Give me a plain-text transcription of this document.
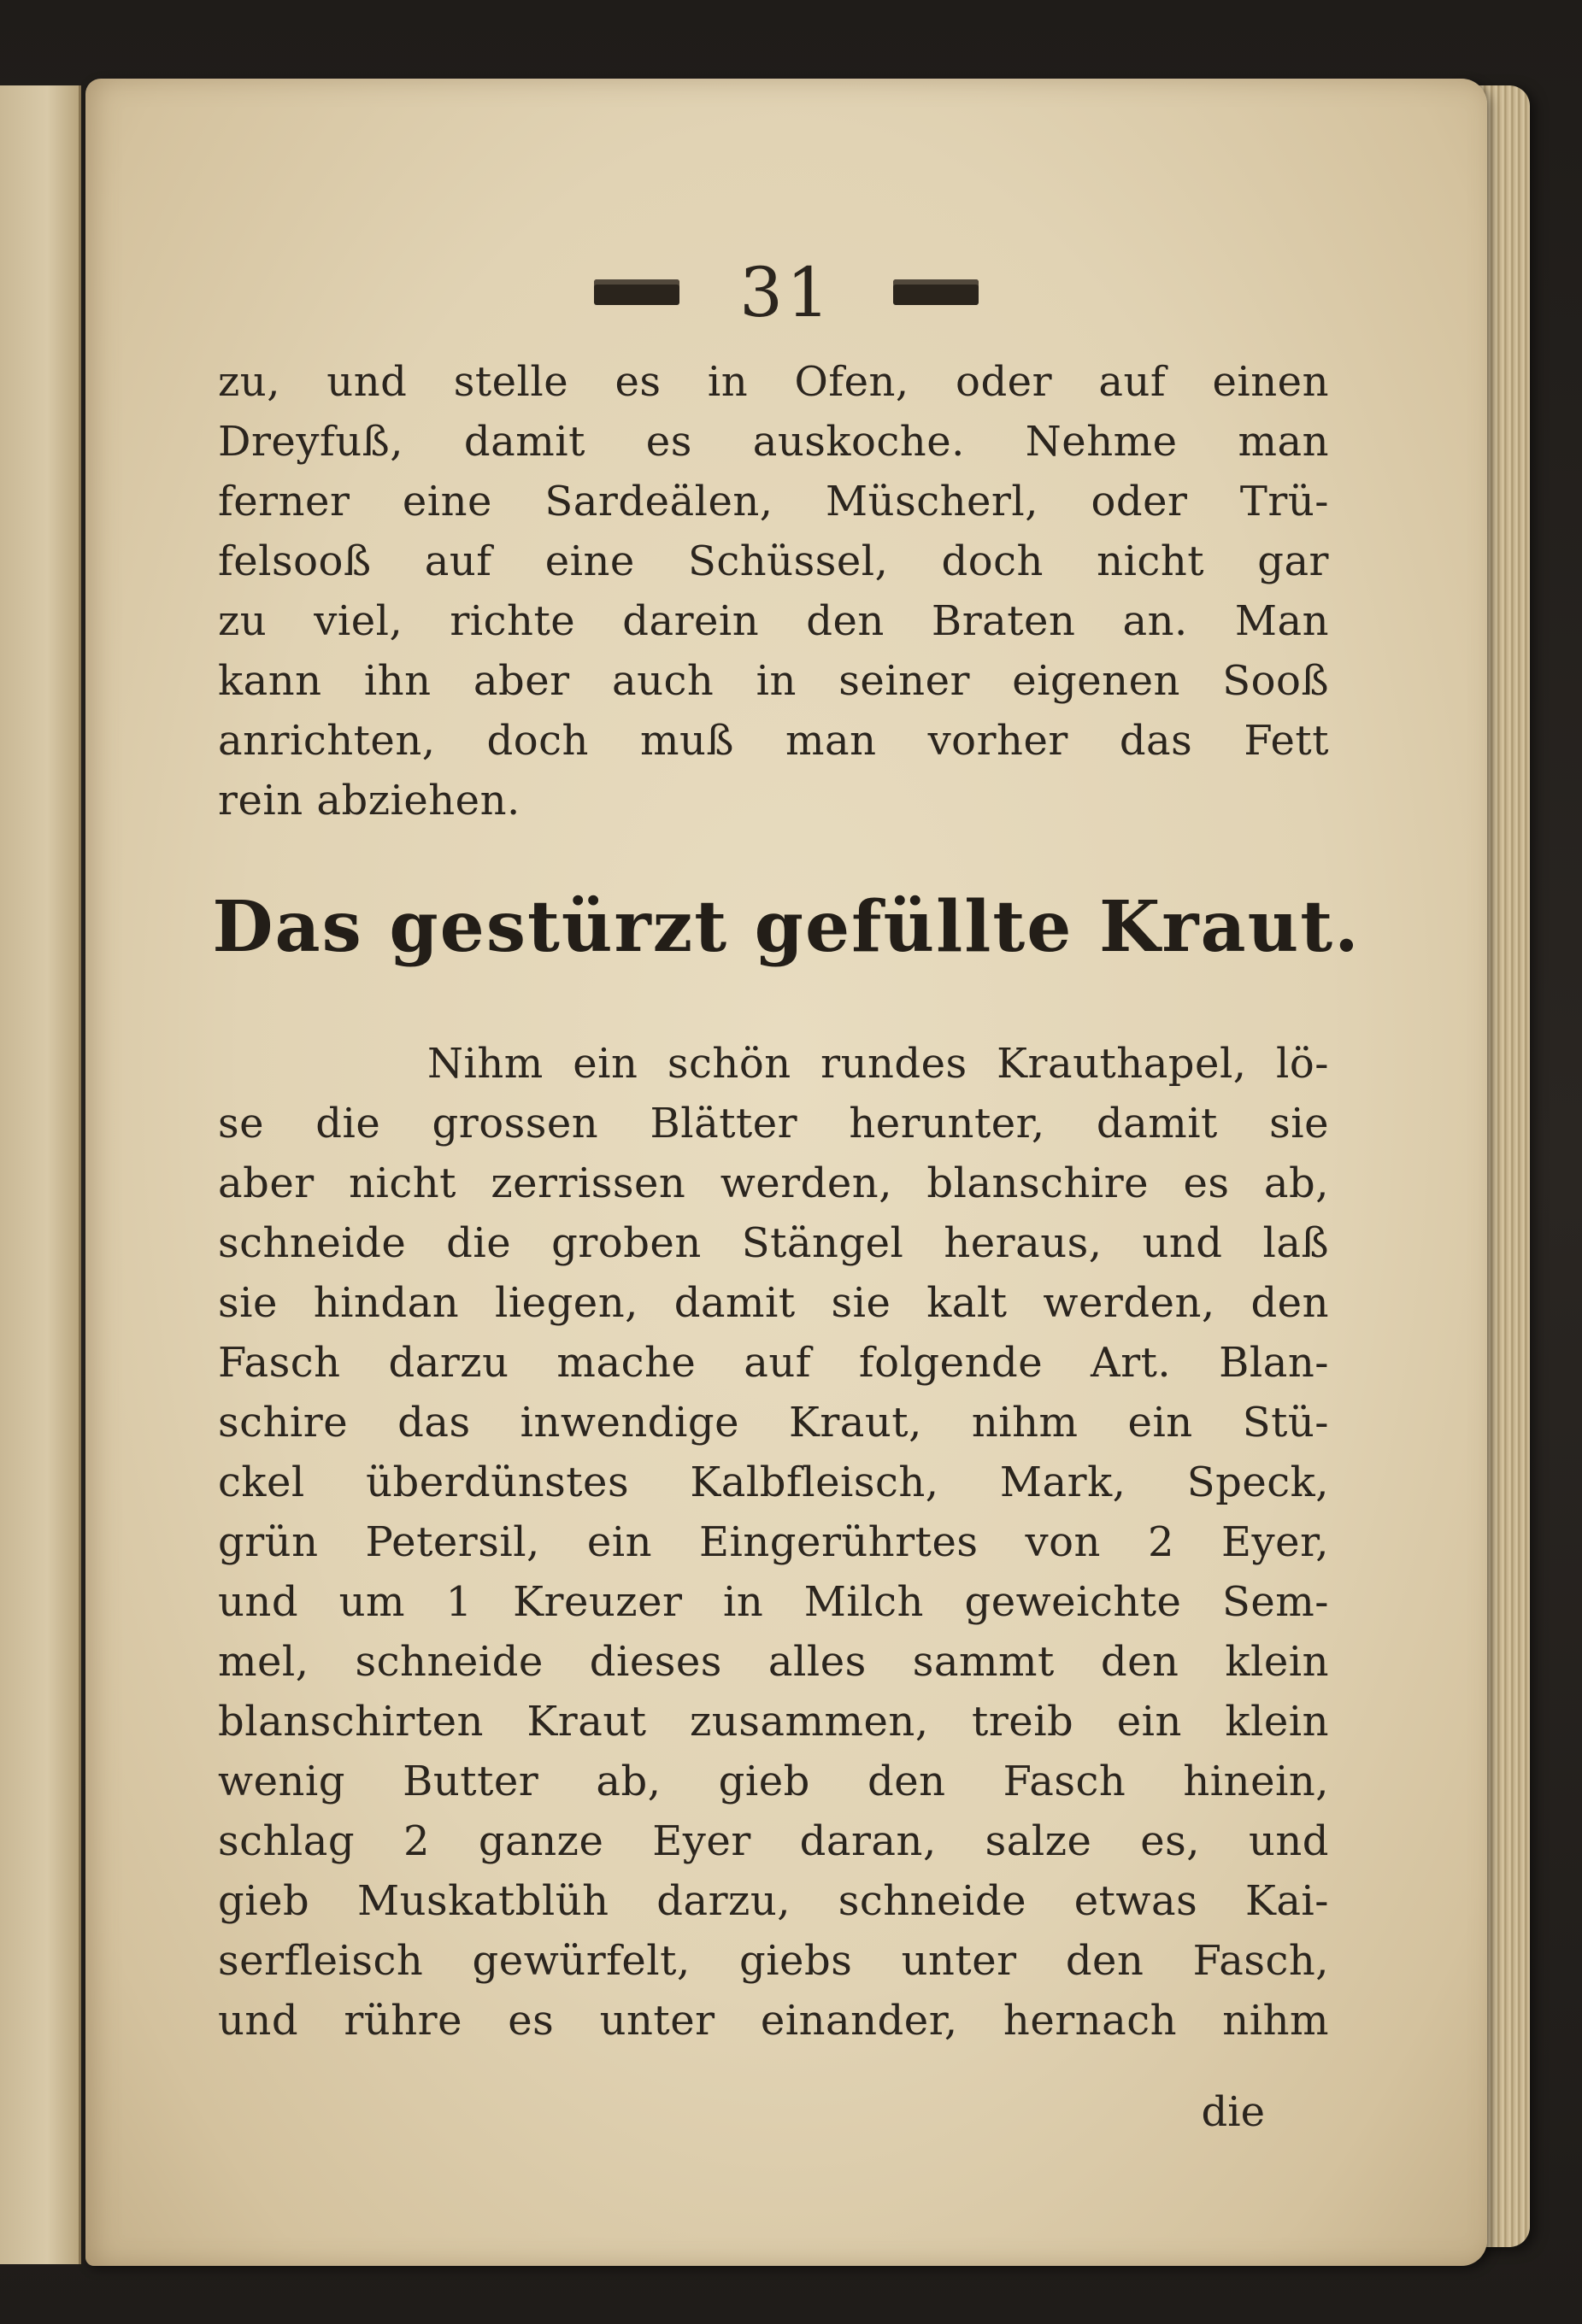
31
zu, und stelle es in Ofen, oder auf einen
Dreyfuß, damit es auskoche. Nehme man
ferner eine Sardeälen, Müscherl, oder Trü-
felsooß auf eine Schüssel, doch nicht gar
zu viel, richte darein den Braten an. Man
kann ihn aber auch in seiner eigenen Sooß
anrichten, doch muß man vorher das Fett
rein abziehen.
Das gestürzt gefüllte Kraut.
Nihm ein schön rundes Krauthapel, lö-
se die grossen Blätter herunter, damit sie
aber nicht zerrissen werden, blanschire es ab,
schneide die groben Stängel heraus, und laß
sie hindan liegen, damit sie kalt werden, den
Fasch darzu mache auf folgende Art. Blan-
schire das inwendige Kraut, nihm ein Stü-
ckel überdünstes Kalbfleisch, Mark, Speck,
grün Petersil, ein Eingerührtes von 2 Eyer,
und um 1 Kreuzer in Milch geweichte Sem-
mel, schneide dieses alles sammt den klein
blanschirten Kraut zusammen, treib ein klein
wenig Butter ab, gieb den Fasch hinein,
schlag 2 ganze Eyer daran, salze es, und
gieb Muskatblüh darzu, schneide etwas Kai-
serfleisch gewürfelt, giebs unter den Fasch,
und rühre es unter einander, hernach nihm
die
